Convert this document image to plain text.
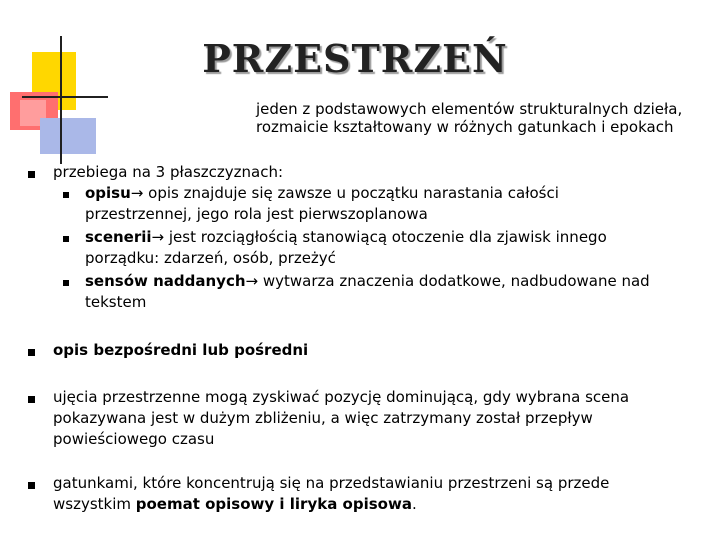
PRZESTRZEŃ
jeden z podstawowych elementów strukturalnych dzieła,
rozmaicie kształtowany w różnych gatunkach i epokach
przebiega na 3 płaszczyznach:
opisu→ opis znajduje się zawsze u początku narastania całości
przestrzennej, jego rola jest pierwszoplanowa
scenerii→ jest rozciągłością stanowiącą otoczenie dla zjawisk innego
porządku: zdarzeń, osób, przeżyć
sensów naddanych→ wytwarza znaczenia dodatkowe, nadbudowane nad
tekstem
opis bezpośredni lub pośredni
ujęcia przestrzenne mogą zyskiwać pozycję dominującą, gdy wybrana scena
pokazywana jest w dużym zbliżeniu, a więc zatrzymany został przepływ
powieściowego czasu
gatunkami, które koncentrują się na przedstawianiu przestrzeni są przede
wszystkim poemat opisowy i liryka opisowa.
